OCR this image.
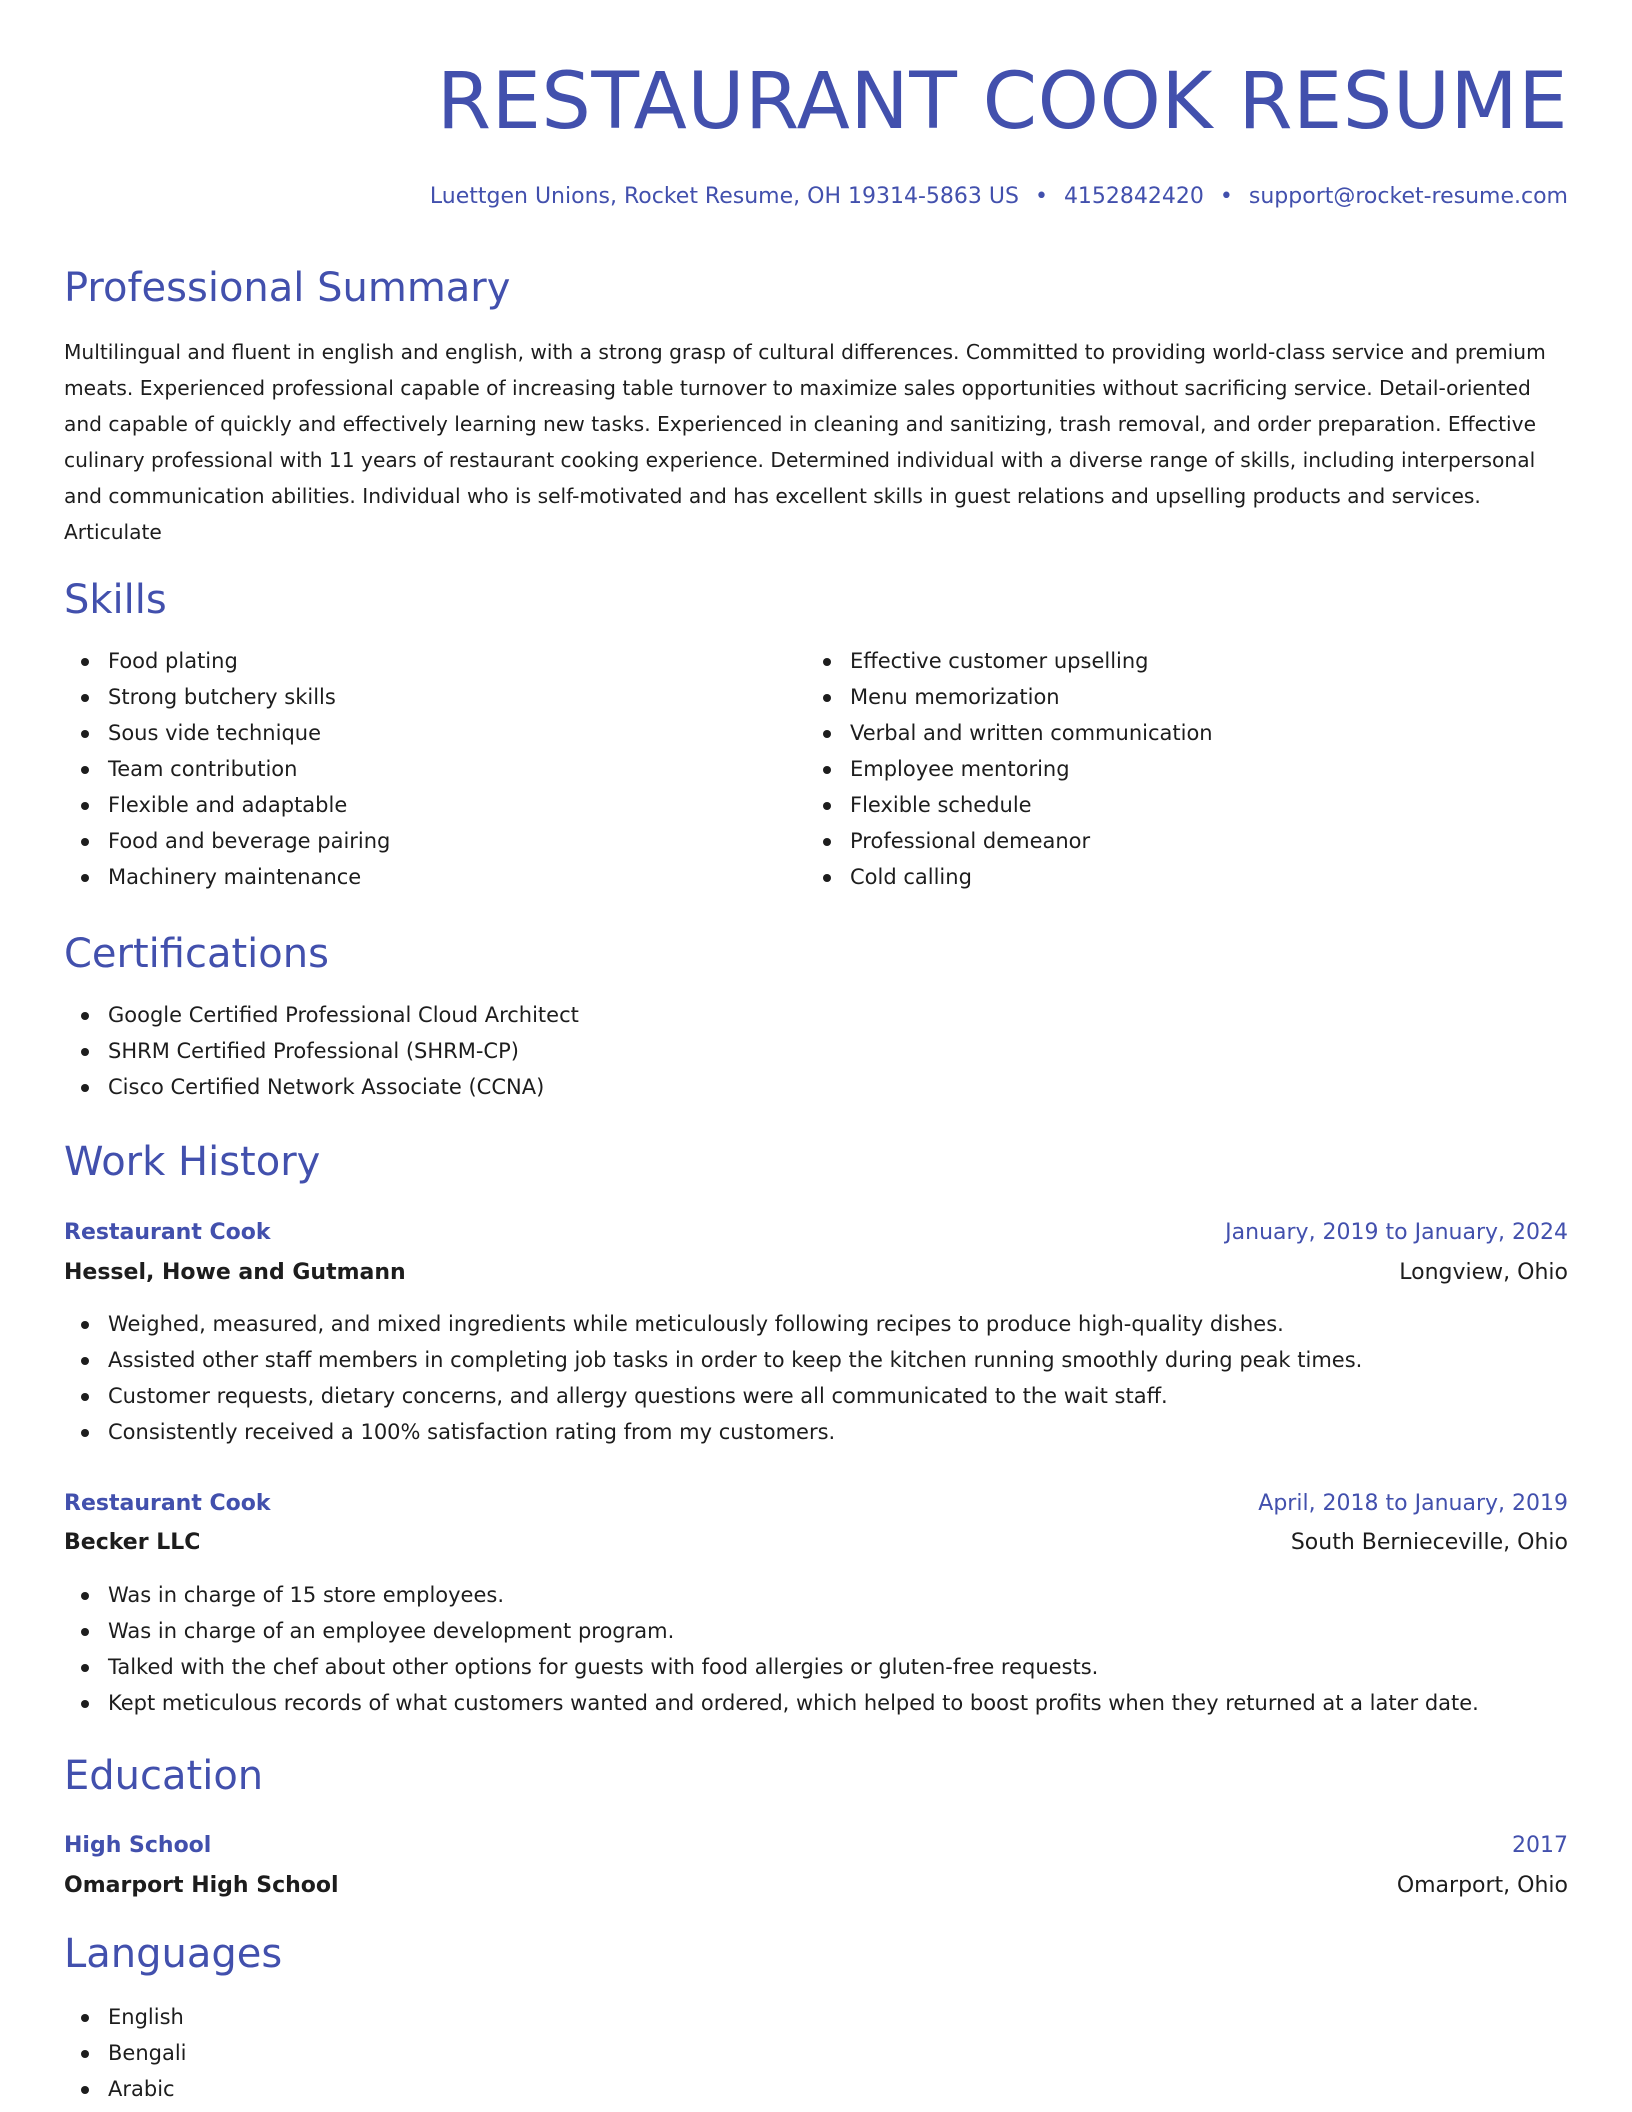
RESTAURANT COOK RESUME
Luettgen Unions, Rocket Resume, OH 19314-5863 US • 4152842420 • support@rocket-resume.com
Professional Summary

Multilingual and fluent in english and english, with a strong grasp of cultural differences. Committed to providing world-class service and premium meats. Experienced professional capable of increasing table turnover to maximize sales opportunities without sacrificing service. Detail-oriented and capable of quickly and effectively learning new tasks. Experienced in cleaning and sanitizing, trash removal, and order preparation. Effective culinary professional with 11 years of restaurant cooking experience. Determined individual with a diverse range of skills, including interpersonal and communication abilities. Individual who is self-motivated and has excellent skills in guest relations and upselling products and services. Articulate

Skills
Food plating
Strong butchery skills
Sous vide technique
Team contribution
Flexible and adaptable
Food and beverage pairing
Machinery maintenance
Effective customer upselling
Menu memorization
Verbal and written communication
Employee mentoring
Flexible schedule
Professional demeanor
Cold calling
Certifications
Google Certified Professional Cloud Architect
SHRM Certified Professional (SHRM-CP)
Cisco Certified Network Associate (CCNA)
Work History
Restaurant Cook	January, 2019 to January, 2024
Hessel, Howe and Gutmann	Longview, Ohio
Weighed, measured, and mixed ingredients while meticulously following recipes to produce high-quality dishes.
Assisted other staff members in completing job tasks in order to keep the kitchen running smoothly during peak times.
Customer requests, dietary concerns, and allergy questions were all communicated to the wait staff.
Consistently received a 100% satisfaction rating from my customers.
Restaurant Cook	April, 2018 to January, 2019
Becker LLC	South Bernieceville, Ohio
Was in charge of 15 store employees.
Was in charge of an employee development program.
Talked with the chef about other options for guests with food allergies or gluten-free requests.
Kept meticulous records of what customers wanted and ordered, which helped to boost profits when they returned at a later date.
Education
High School	2017
Omarport High School	Omarport, Ohio
Languages
English
Bengali
Arabic
